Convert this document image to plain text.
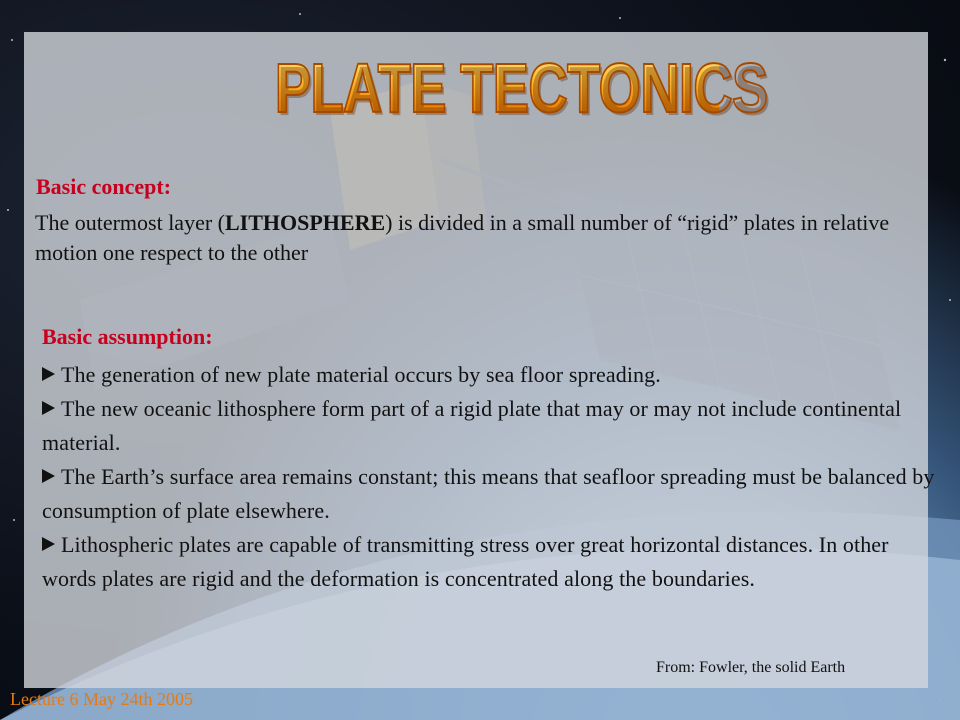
PLATE TECTONICS
Basic concept:
The outermost layer (LITHOSPHERE) is divided in a small number of “rigid” plates in relative motion one respect to the other
Basic assumption:
The generation of new plate material occurs by sea floor spreading.
The new oceanic lithosphere form part of a rigid plate that may or may not include continental material.
The Earth’s surface area remains constant; this means that seafloor spreading must be balanced by consumption of plate elsewhere.
Lithospheric plates are capable of transmitting stress over great horizontal distances. In other words plates are rigid and the deformation is concentrated along the boundaries.
From: Fowler, the solid Earth
Lecture 6 May 24th 2005
